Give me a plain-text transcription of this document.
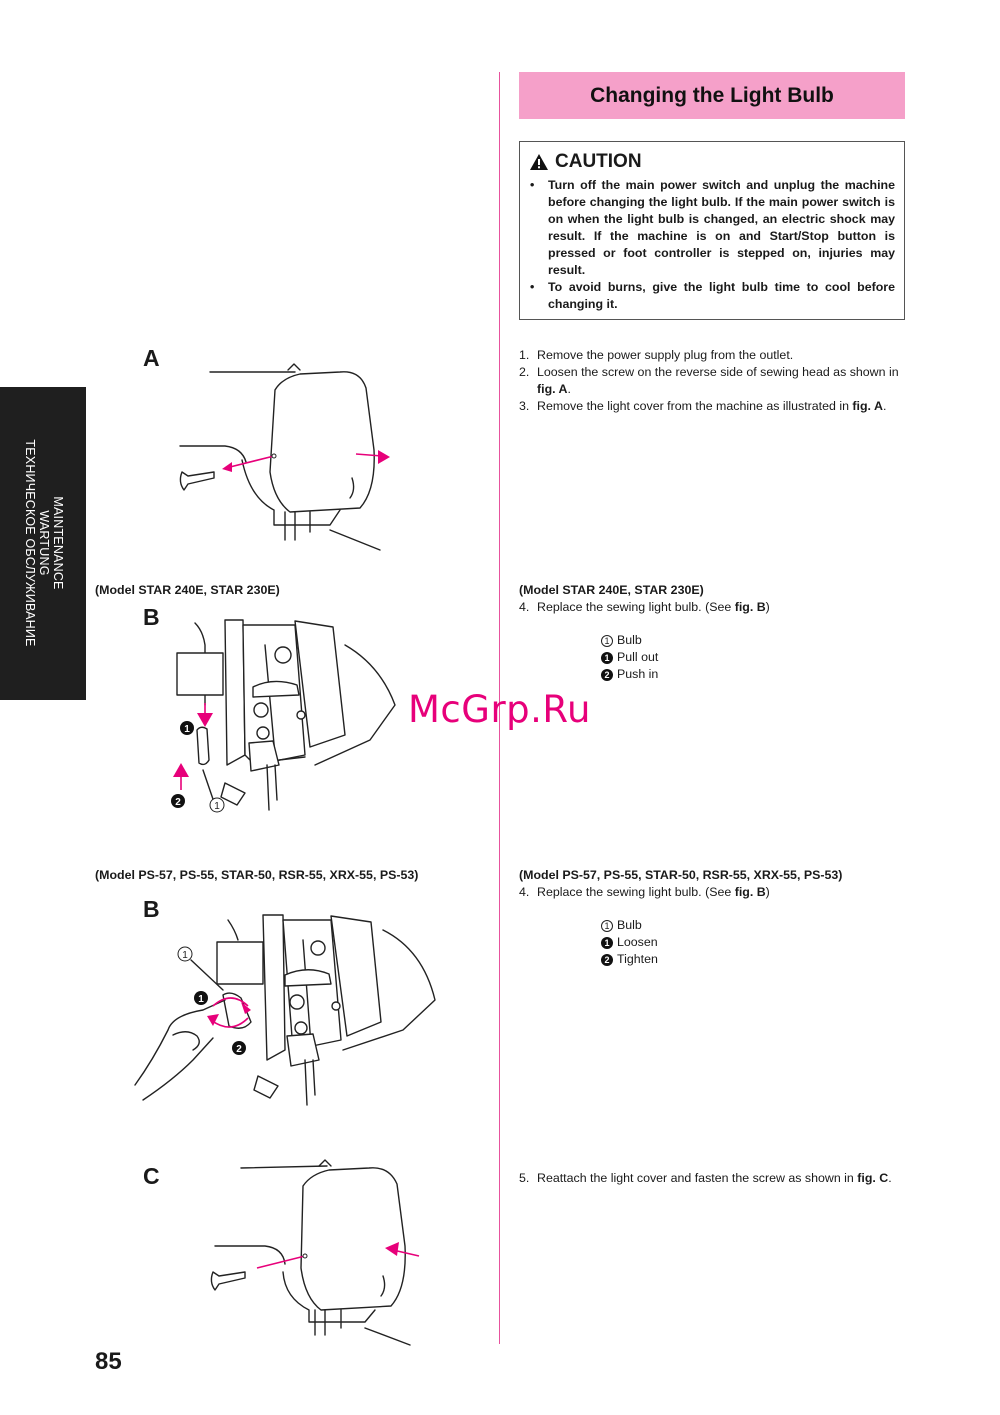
MAINTENANCE
WARTUNG
ТЕХНИЧЕСКОЕ ОБСЛУЖИВАНИЕ
Changing the Light Bulb
CAUTION
• Turn off the main power switch and unplug the machine before changing the light bulb. If the main power switch is on when the light bulb is changed, an electric shock may result. If the machine is on and Start/Stop button is pressed or foot controller is stepped on, injuries may result.
• To avoid burns, give the light bulb time to cool before changing it.
1. Remove the power supply plug from the outlet.
2. Loosen the screw on the reverse side of sewing head as shown in fig. A.
3. Remove the light cover from the machine as illustrated in fig. A.
(Model STAR 240E, STAR 230E)
4. Replace the sewing light bulb. (See fig. B)
1 Bulb
1 Pull out
2 Push in
(Model PS-57, PS-55, STAR-50, RSR-55, XRX-55, PS-53)
4. Replace the sewing light bulb. (See fig. B)
1 Bulb
1 Loosen
2 Tighten
5. Reattach the light cover and fasten the screw as shown in fig. C.
A
(Model STAR 240E, STAR 230E)
B
(Model PS-57, PS-55, STAR-50, RSR-55, XRX-55, PS-53)
B
C
1
2	1
1
2
1
McGrp.Ru
85
